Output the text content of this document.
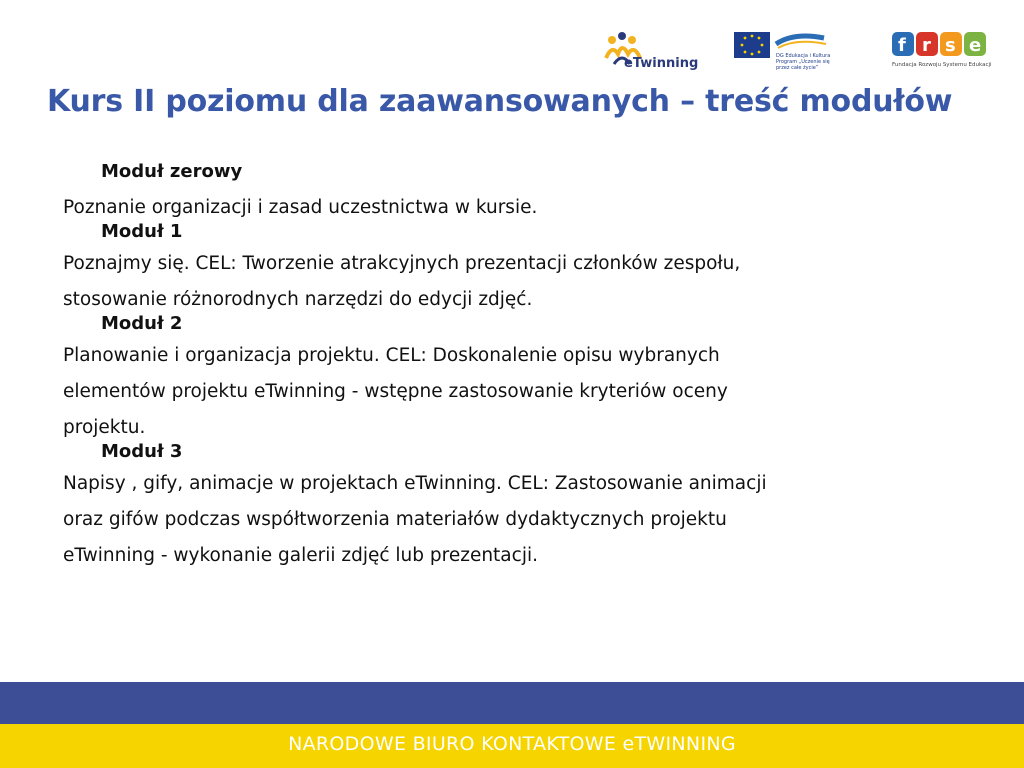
eTwinning	DG Edukacja i Kultura Program „Uczenie się przez całe życie”
f r s e
Fundacja Rozwoju Systemu Edukacji
Kurs II poziomu dla zaawansowanych – treść modułów
Moduł zerowy

Poznanie organizacji i zasad uczestnictwa w kursie.

Moduł 1

Poznajmy się. CEL: Tworzenie atrakcyjnych prezentacji członków zespołu,

stosowanie różnorodnych narzędzi do edycji zdjęć.

Moduł 2

Planowanie i organizacja projektu. CEL: Doskonalenie opisu wybranych

elementów projektu eTwinning - wstępne zastosowanie kryteriów oceny

projektu.

Moduł 3

Napisy , gify, animacje w projektach eTwinning. CEL: Zastosowanie animacji

oraz gifów podczas współtworzenia materiałów dydaktycznych projektu

eTwinning - wykonanie galerii zdjęć lub prezentacji.

NARODOWE BIURO KONTAKTOWE eTWINNING
